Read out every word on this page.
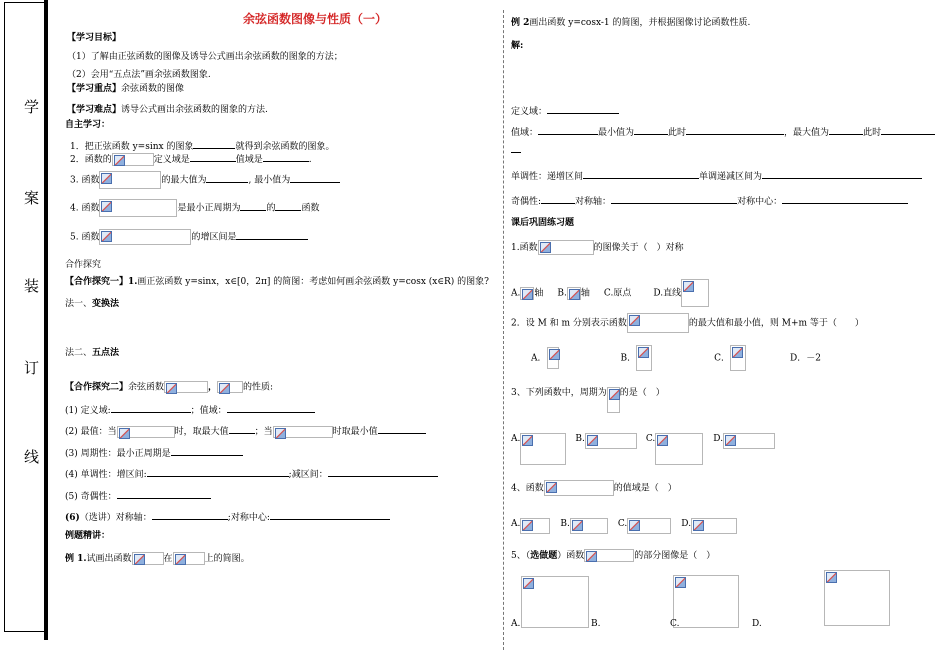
学
案
装
订
线
余弦函数图像与性质（一）
【学习目标】
（1）了解由正弦函数的图像及诱导公式画出余弦函数的图象的方法；
（2）会用“五点法”画余弦函数图象.
【学习重点】余弦函数的图像
【学习难点】诱导公式画出余弦函数的图象的方法.
自主学习：
1．把正弦函数 y=sinx 的图象	就得到余弦函数的图象。
2．函数的	定义域是	值域是	.
3. 函数	的最大值为	, 最小值为
4. 函数	是最小正周期为	的	函数
5. 函数	的增区间是
合作探究
【合作探究一】1.画正弦函数 y=sinx，x∈[0，2π] 的简图：考虑如何画余弦函数 y=cosx (x∈R) 的图象?
法一、变换法
法二、五点法
【合作探究二】余弦函数	，	的性质:
(1) 定义域:	；值域：
(2) 最值：当	时，取最大值	；当	时取最小值
(3) 周期性：最小正周期是
(4) 单调性：增区间:	;减区间：
(5) 奇偶性：
(6)（选讲）对称轴：	;对称中心:
例题精讲：
例 1.试画出函数	在	上的简图。
例 2画出函数 y=cosx-1 的简图，并根据图像讨论函数性质.
解:
定义域：
值域：	最小值为	此时	，最大值为	此时
单调性：递增区间	单调递减区间为
奇偶性:	对称轴：	对称中心：
课后巩固练习题
1.函数	的图像关于（　）对称
A. 轴 B. 轴 C.原点 D.直线
2．设 M 和 m 分别表示函数	的最大值和最小值，则 M+m 等于（　　）
A．	B．	C．	D．－2
3、下列函数中，周期为 的是（　）
A.	B.	C.	D.
4、函数	的值域是（　）
A.	B.	C.	D.
5、（选做题）函数	的部分图像是（　）
A.
	B.
	C.
	D.
